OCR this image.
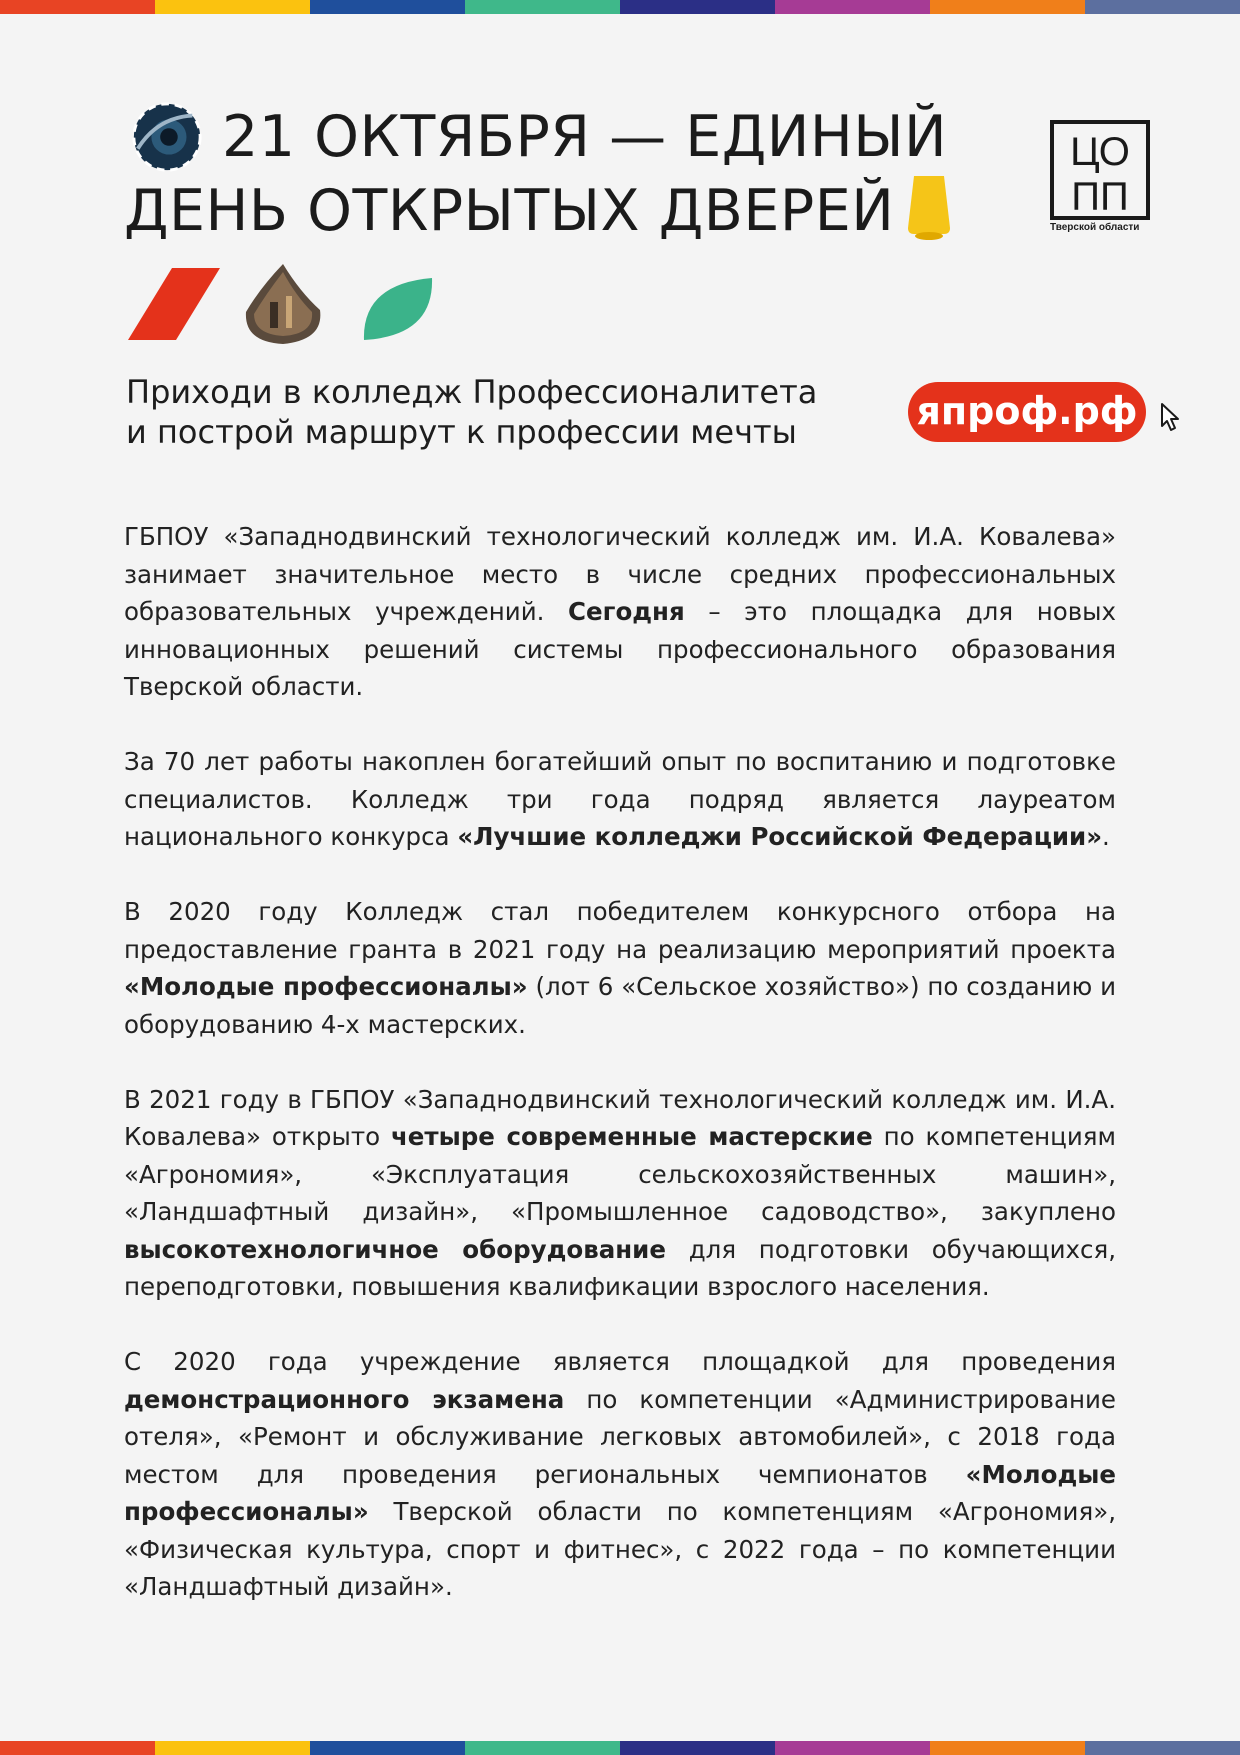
21 ОКТЯБРЯ — ЕДИНЫЙ
ДЕНЬ ОТКРЫТЫХ ДВЕРЕЙ
ЦО
ПП
Тверской области
Приходи в колледж Профессионалитета
и построй маршрут к профессии мечты	япроф.рф

ГБПОУ «Западнодвинский технологический колледж им. И.А. Ковалева» занимает значительное место в числе средних профессиональных образовательных учреждений. Сегодня – это площадка для новых инновационных решений системы профессионального образования Тверской области.

За 70 лет работы накоплен богатейший опыт по воспитанию и подготовке специалистов. Колледж три года подряд является лауреатом национального конкурса «Лучшие колледжи Российской Федерации».

В 2020 году Колледж стал победителем конкурсного отбора на предоставление гранта в 2021 году на реализацию мероприятий проекта «Молодые профессионалы» (лот 6 «Сельское хозяйство») по созданию и оборудованию 4-х мастерских.

В 2021 году в ГБПОУ «Западнодвинский технологический колледж им. И.А. Ковалева» открыто четыре современные мастерские по компетенциям «Агрономия», «Эксплуатация сельскохозяйственных машин», «Ландшафтный дизайн», «Промышленное садоводство», закуплено высокотехнологичное оборудование для подготовки обучающихся, переподготовки, повышения квалификации взрослого населения.

С 2020 года учреждение является площадкой для проведения демонстрационного экзамена по компетенции «Администрирование отеля», «Ремонт и обслуживание легковых автомобилей», с 2018 года местом для проведения региональных чемпионатов «Молодые профессионалы» Тверской области по компетенциям «Агрономия», «Физическая культура, спорт и фитнес», с 2022 года – по компетенции «Ландшафтный дизайн».
